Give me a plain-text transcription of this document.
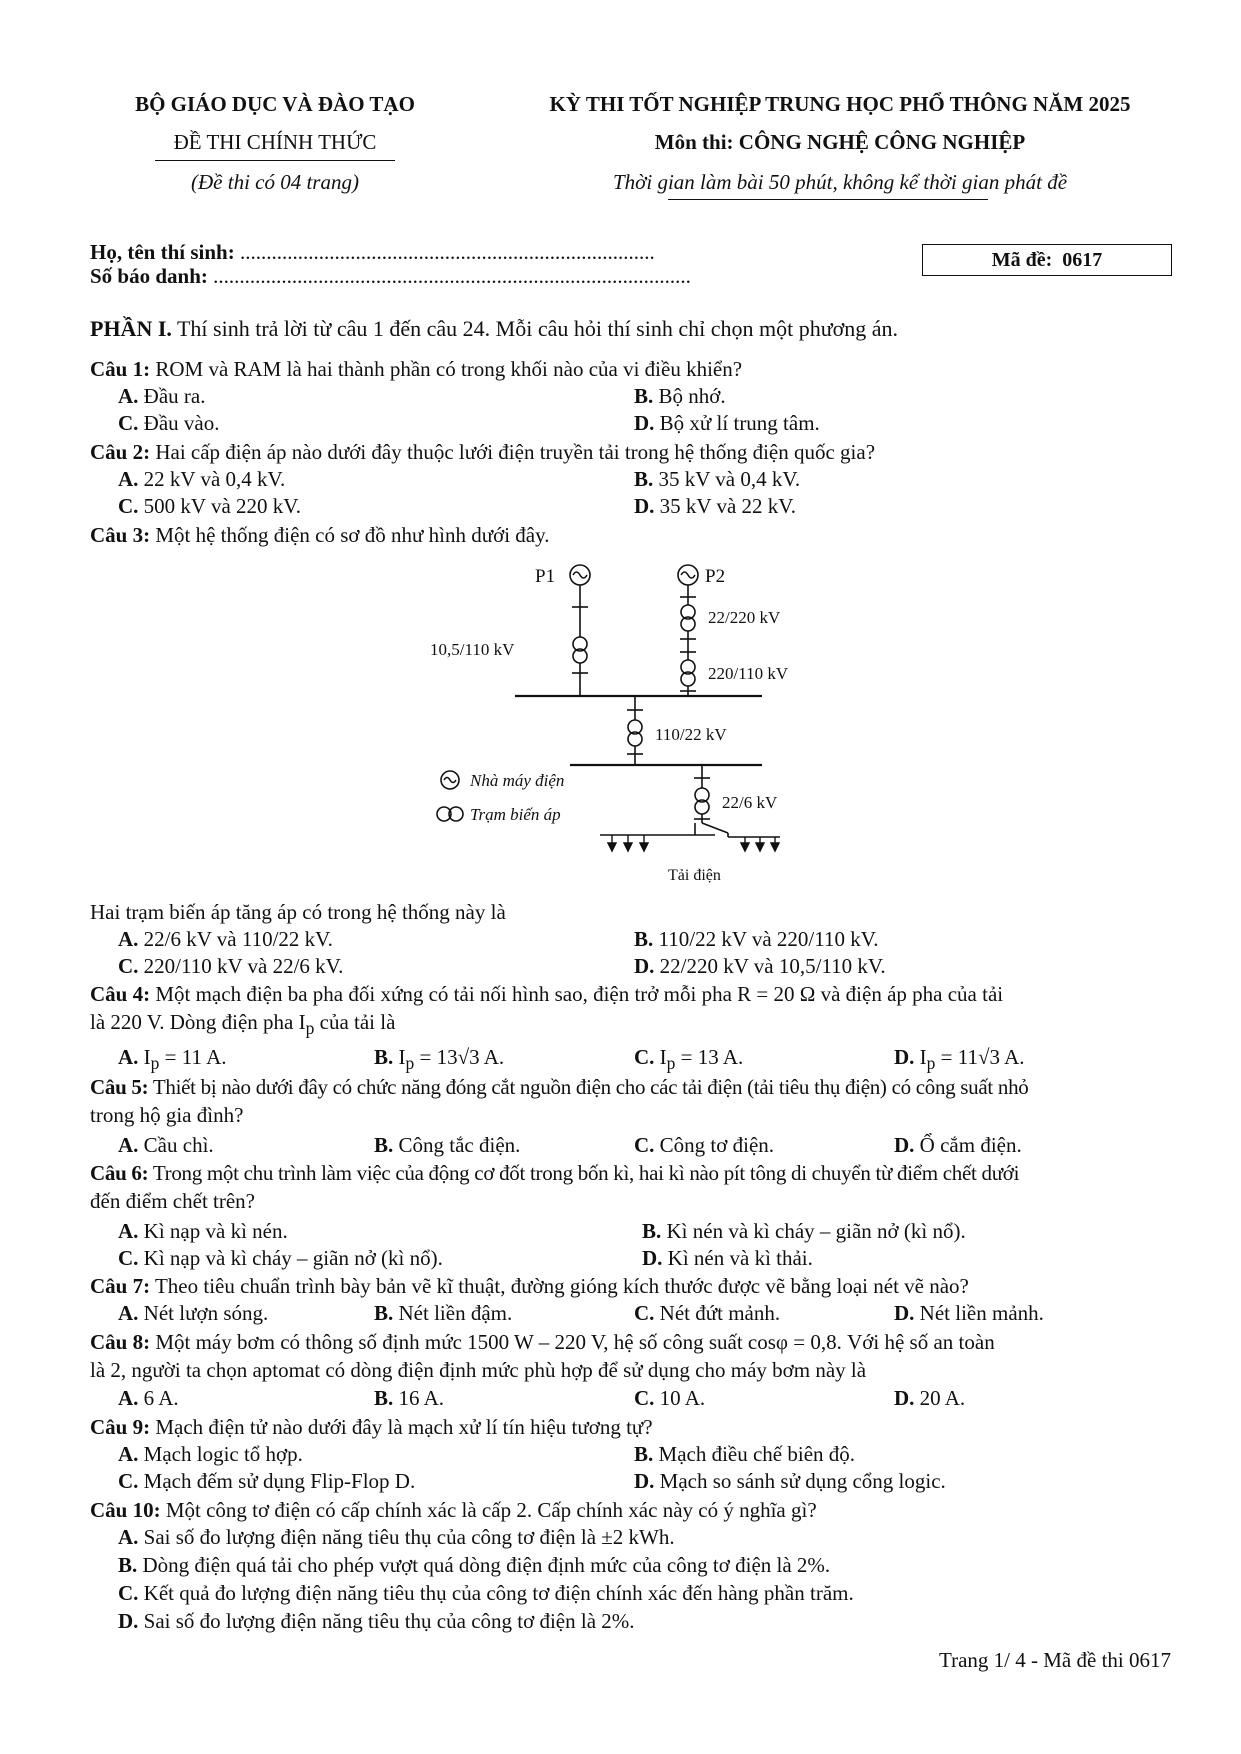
BỘ GIÁO DỤC VÀ ĐÀO TẠO
ĐỀ THI CHÍNH THỨC
(Đề thi có 04 trang)
KỲ THI TỐT NGHIỆP TRUNG HỌC PHỔ THÔNG NĂM 2025
Môn thi: CÔNG NGHỆ CÔNG NGHIỆP
Thời gian làm bài 50 phút, không kể thời gian phát đề
Họ, tên thí sinh: ...............................................................................
Số báo danh: ...........................................................................................
Mã đề: 0617
PHẦN I. Thí sinh trả lời từ câu 1 đến câu 24. Mỗi câu hỏi thí sinh chỉ chọn một phương án.
Câu 1: ROM và RAM là hai thành phần có trong khối nào của vi điều khiển?
A. Đầu ra.	B. Bộ nhớ.
C. Đầu vào.	D. Bộ xử lí trung tâm.
Câu 2: Hai cấp điện áp nào dưới đây thuộc lưới điện truyền tải trong hệ thống điện quốc gia?
A. 22 kV và 0,4 kV.	B. 35 kV và 0,4 kV.
C. 500 kV và 220 kV.	D. 35 kV và 22 kV.
Câu 3: Một hệ thống điện có sơ đồ như hình dưới đây.
P1	P2
10,5/110 kV
22/220 kV
220/110 kV
110/22 kV
22/6 kV
Nhà máy điện
Trạm biến áp
Tải điện
Hai trạm biến áp tăng áp có trong hệ thống này là
A. 22/6 kV và 110/22 kV.	B. 110/22 kV và 220/110 kV.
C. 220/110 kV và 22/6 kV.	D. 22/220 kV và 10,5/110 kV.
Câu 4: Một mạch điện ba pha đối xứng có tải nối hình sao, điện trở mỗi pha R = 20 Ω và điện áp pha của tải
là 220 V. Dòng điện pha $I_p$ của tải là
A. $I_p = 11$ A.	B. $I_p = 13√3$ A.	C. $I_p = 13$ A.	D. $I_p = 11√3$ A.
Câu 5: Thiết bị nào dưới đây có chức năng đóng cắt nguồn điện cho các tải điện (tải tiêu thụ điện) có công suất nhỏ
trong hộ gia đình?
A. Cầu chì.	B. Công tắc điện.	C. Công tơ điện.	D. Ổ cắm điện.
Câu 6: Trong một chu trình làm việc của động cơ đốt trong bốn kì, hai kì nào pít tông di chuyển từ điểm chết dưới
đến điểm chết trên?
A. Kì nạp và kì nén.	B. Kì nén và kì cháy – giãn nở (kì nổ).
C. Kì nạp và kì cháy – giãn nở (kì nổ).	D. Kì nén và kì thải.
Câu 7: Theo tiêu chuẩn trình bày bản vẽ kĩ thuật, đường gióng kích thước được vẽ bằng loại nét vẽ nào?
A. Nét lượn sóng.	B. Nét liền đậm.	C. Nét đứt mảnh.	D. Nét liền mảnh.
Câu 8: Một máy bơm có thông số định mức 1500 W – 220 V, hệ số công suất cosφ = 0,8. Với hệ số an toàn
là 2, người ta chọn aptomat có dòng điện định mức phù hợp để sử dụng cho máy bơm này là
A. 6 A.	B. 16 A.	C. 10 A.	D. 20 A.
Câu 9: Mạch điện tử nào dưới đây là mạch xử lí tín hiệu tương tự?
A. Mạch logic tổ hợp.	B. Mạch điều chế biên độ.
C. Mạch đếm sử dụng Flip-Flop D.	D. Mạch so sánh sử dụng cổng logic.
Câu 10: Một công tơ điện có cấp chính xác là cấp 2. Cấp chính xác này có ý nghĩa gì?
A. Sai số đo lượng điện năng tiêu thụ của công tơ điện là ±2 kWh.
B. Dòng điện quá tải cho phép vượt quá dòng điện định mức của công tơ điện là 2%.
C. Kết quả đo lượng điện năng tiêu thụ của công tơ điện chính xác đến hàng phần trăm.
D. Sai số đo lượng điện năng tiêu thụ của công tơ điện là 2%.
Trang 1/ 4 - Mã đề thi 0617
